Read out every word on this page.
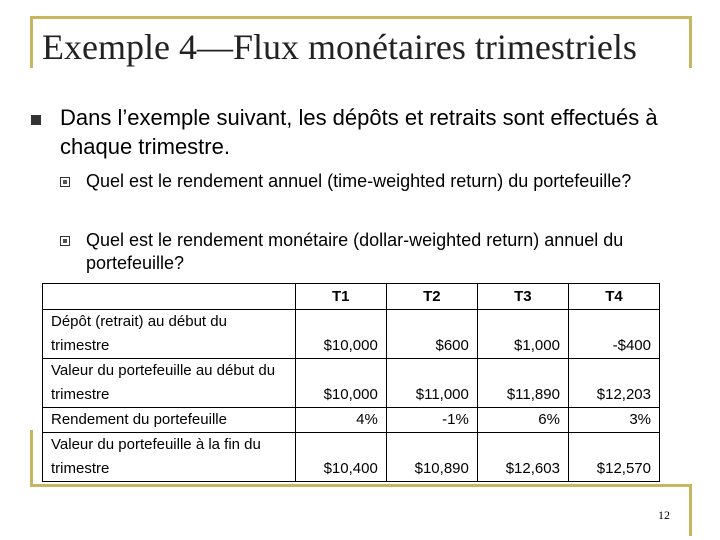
Exemple 4—Flux monétaires trimestriels
Dans l’exemple suivant, les dépôts et retraits sont effectués à chaque trimestre.
Quel est le rendement annuel (time-weighted return) du portefeuille?
Quel est le rendement monétaire (dollar-weighted return) annuel du portefeuille?
	T1	T2	T3	T4
Dépôt (retrait) au début du trimestre	$10,000	$600	$1,000	-$400
Valeur du portefeuille au début du trimestre	$10,000	$11,000	$11,890	$12,203
Rendement du portefeuille	4%	-1%	6%	3%
Valeur du portefeuille à la fin du trimestre	$10,400	$10,890	$12,603	$12,570
12
